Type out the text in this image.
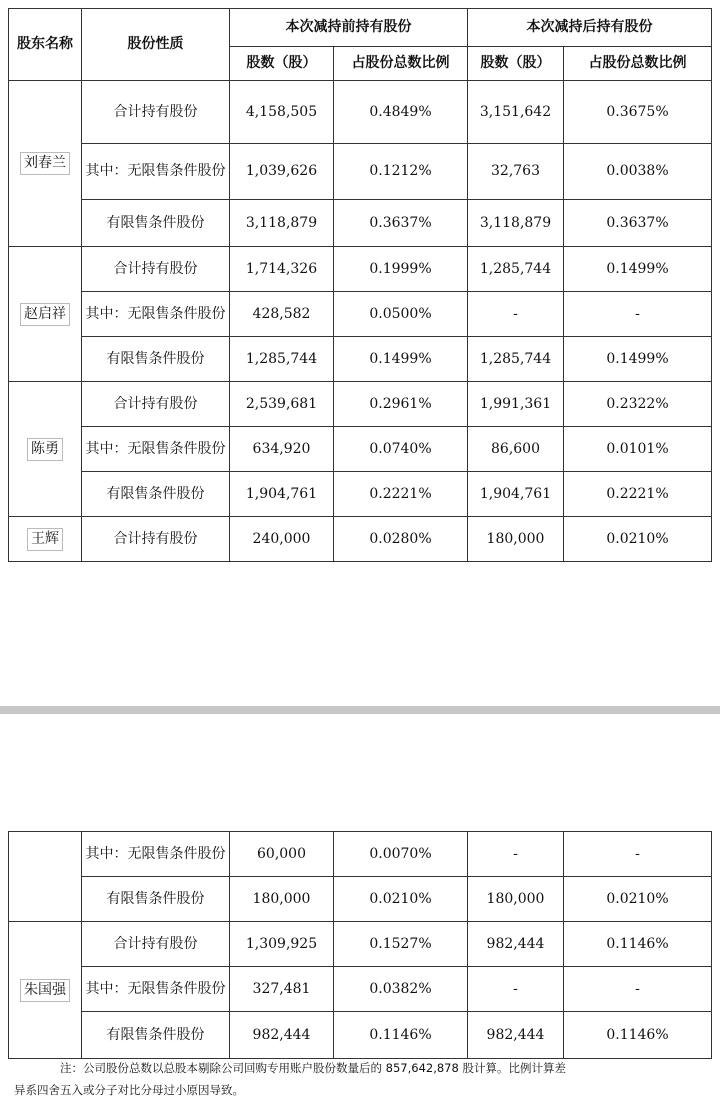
股东名称	股份性质	本次减持前持有股份		本次减持后持有股份	
		股数（股）	占股份总数比例	股数（股）	占股份总数比例
刘春兰	合计持有股份	4,158,505	0.4849%	3,151,642	0.3675%
	其中：无限售条件股份	1,039,626	0.1212%	32,763	0.0038%
	有限售条件股份	3,118,879	0.3637%	3,118,879	0.3637%
赵启祥	合计持有股份	1,714,326	0.1999%	1,285,744	0.1499%
	其中：无限售条件股份	428,582	0.0500%	-	-
	有限售条件股份	1,285,744	0.1499%	1,285,744	0.1499%
陈勇	合计持有股份	2,539,681	0.2961%	1,991,361	0.2322%
	其中：无限售条件股份	634,920	0.0740%	86,600	0.0101%
	有限售条件股份	1,904,761	0.2221%	1,904,761	0.2221%
王辉	合计持有股份	240,000	0.0280%	180,000	0.0210%
	其中：无限售条件股份	60,000	0.0070%	-	-
	有限售条件股份	180,000	0.0210%	180,000	0.0210%
朱国强	合计持有股份	1,309,925	0.1527%	982,444	0.1146%
	其中：无限售条件股份	327,481	0.0382%	-	-
	有限售条件股份	982,444	0.1146%	982,444	0.1146%
注：公司股份总数以总股本剔除公司回购专用账户股份数量后的 857,642,878 股计算。比例计算差
异系四舍五入或分子对比分母过小原因导致。
